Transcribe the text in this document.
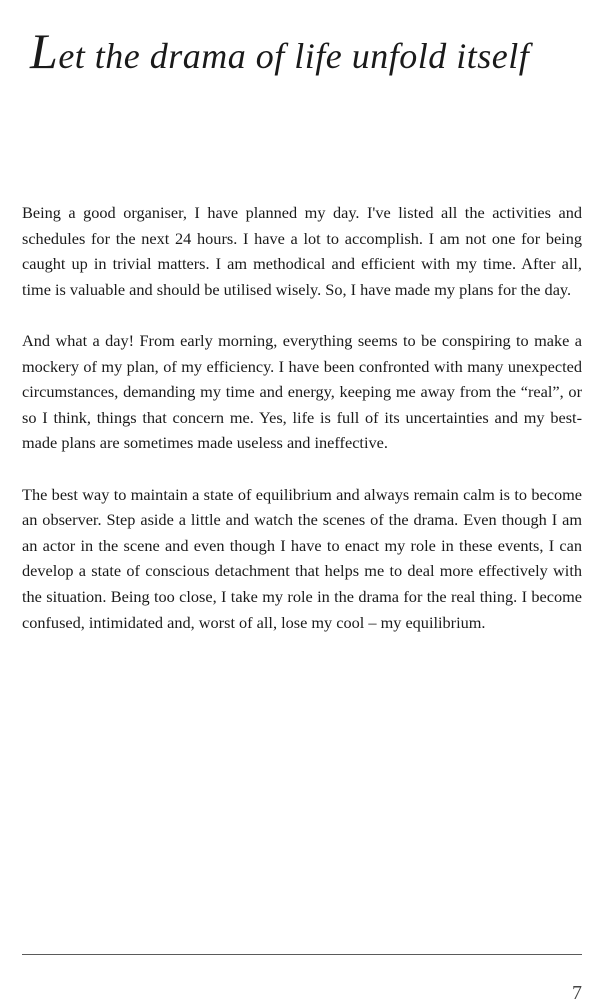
Let the drama of life unfold itself

Being a good organiser, I have planned my day. I've listed all the activities and schedules for the next 24 hours. I have a lot to accomplish. I am not one for being caught up in trivial matters. I am methodical and efficient with my time. After all, time is valuable and should be utilised wisely. So, I have made my plans for the day.

And what a day! From early morning, everything seems to be conspiring to make a mockery of my plan, of my efficiency. I have been confronted with many unexpected circumstances, demanding my time and energy, keeping me away from the “real”, or so I think, things that concern me. Yes, life is full of its uncertainties and my best-made plans are sometimes made useless and ineffective.

The best way to maintain a state of equilibrium and always remain calm is to become an observer. Step aside a little and watch the scenes of the drama. Even though I am an actor in the scene and even though I have to enact my role in these events, I can develop a state of conscious detachment that helps me to deal more effectively with the situation. Being too close, I take my role in the drama for the real thing. I become confused, intimidated and, worst of all, lose my cool – my equilibrium.

7
